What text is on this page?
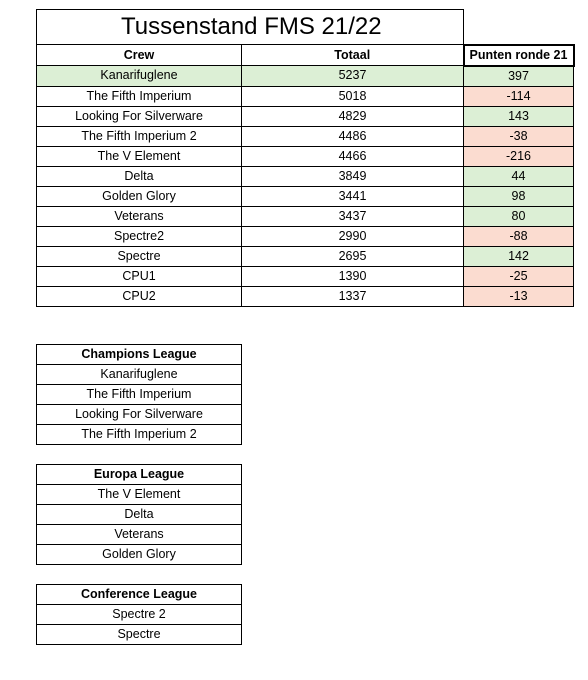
Tussenstand FMS 21/22		
Crew	Totaal	Punten ronde 21
Kanarifuglene	5237	397
The Fifth Imperium	5018	-114
Looking For Silverware	4829	143
The Fifth Imperium 2	4486	-38
The V Element	4466	-216
Delta	3849	44
Golden Glory	3441	98
Veterans	3437	80
Spectre2	2990	-88
Spectre	2695	142
CPU1	1390	-25
CPU2	1337	-13
Champions League
Kanarifuglene
The Fifth Imperium
Looking For Silverware
The Fifth Imperium 2
Europa League
The V Element
Delta
Veterans
Golden Glory
Conference League
Spectre 2
Spectre
